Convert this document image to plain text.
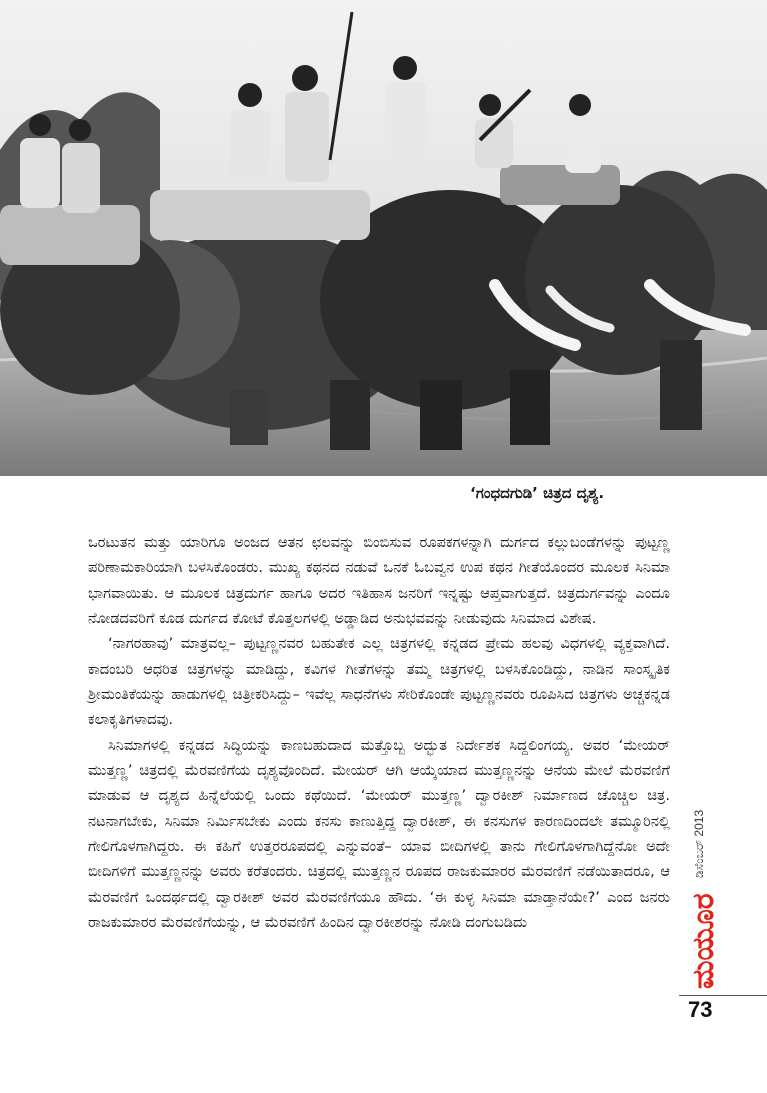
‘ಗಂಧದಗುಡಿ’ ಚಿತ್ರದ ದೃಶ್ಯ.

ಒರಟುತನ ಮತ್ತು ಯಾರಿಗೂ ಅಂಜದ ಆತನ ಛಲವನ್ನು ಬಿಂಬಿಸುವ ರೂಪಕಗಳನ್ನಾಗಿ ದುರ್ಗದ ಕಲ್ಲುಬಂಡೆಗಳನ್ನು ಪುಟ್ಟಣ್ಣ ಪರಿಣಾಮಕಾರಿಯಾಗಿ ಬಳಸಿಕೊಂಡರು. ಮುಖ್ಯ ಕಥನದ ನಡುವೆ ಒನಕೆ ಓಬವ್ವನ ಉಪ ಕಥನ ಗೀತೆಯೊಂದರ ಮೂಲಕ ಸಿನಿಮಾ ಭಾಗವಾಯಿತು. ಆ ಮೂಲಕ ಚಿತ್ರದುರ್ಗ ಹಾಗೂ ಅದರ ಇತಿಹಾಸ ಜನರಿಗೆ ಇನ್ನಷ್ಟು ಆಪ್ತವಾಗುತ್ತದೆ. ಚಿತ್ರದುರ್ಗವನ್ನು ಎಂದೂ ನೋಡದವರಿಗೆ ಕೂಡ ದುರ್ಗದ ಕೋಟೆ ಕೊತ್ತಲಗಳಲ್ಲಿ ಅಡ್ಡಾಡಿದ ಅನುಭವವನ್ನು ನೀಡುವುದು ಸಿನಿಮಾದ ವಿಶೇಷ.

‘ನಾಗರಹಾವು’ ಮಾತ್ರವಲ್ಲ– ಪುಟ್ಟಣ್ಣನವರ ಬಹುತೇಕ ಎಲ್ಲ ಚಿತ್ರಗಳಲ್ಲಿ ಕನ್ನಡದ ಪ್ರೇಮ ಹಲವು ವಿಧಗಳಲ್ಲಿ ವ್ಯಕ್ತವಾಗಿದೆ. ಕಾದಂಬರಿ ಆಧರಿತ ಚಿತ್ರಗಳನ್ನು ಮಾಡಿದ್ದು, ಕವಿಗಳ ಗೀತೆಗಳನ್ನು ತಮ್ಮ ಚಿತ್ರಗಳಲ್ಲಿ ಬಳಸಿಕೊಂಡಿದ್ದು, ನಾಡಿನ ಸಾಂಸ್ಕೃತಿಕ ಶ್ರೀಮಂತಿಕೆಯನ್ನು ಹಾಡುಗಳಲ್ಲಿ ಚಿತ್ರೀಕರಿಸಿದ್ದು– ಇವೆಲ್ಲ ಸಾಧನೆಗಳು ಸೇರಿಕೊಂಡೇ ಪುಟ್ಟಣ್ಣನವರು ರೂಪಿಸಿದ ಚಿತ್ರಗಳು ಅಚ್ಚಕನ್ನಡ ಕಲಾಕೃತಿಗಳಾದವು.

ಸಿನಿಮಾಗಳಲ್ಲಿ ಕನ್ನಡದ ಸಿದ್ಧಿಯನ್ನು ಕಾಣಬಹುದಾದ ಮತ್ತೊಬ್ಬ ಅದ್ಭುತ ನಿರ್ದೇಶಕ ಸಿದ್ದಲಿಂಗಯ್ಯ. ಅವರ ‘ಮೇಯರ್ ಮುತ್ತಣ್ಣ’ ಚಿತ್ರದಲ್ಲಿ ಮೆರವಣಿಗೆಯ ದೃಶ್ಯವೊಂದಿದೆ. ಮೇಯರ್ ಆಗಿ ಆಯ್ಕೆಯಾದ ಮುತ್ತಣ್ಣನನ್ನು ಆನೆಯ ಮೇಲೆ ಮೆರವಣಿಗೆ ಮಾಡುವ ಆ ದೃಶ್ಯದ ಹಿನ್ನೆಲೆಯಲ್ಲಿ ಒಂದು ಕಥೆಯಿದೆ. ‘ಮೇಯರ್ ಮುತ್ತಣ್ಣ’ ದ್ವಾರಕೀಶ್ ನಿರ್ಮಾಣದ ಚೊಚ್ಚಿಲ ಚಿತ್ರ. ನಟನಾಗಬೇಕು, ಸಿನಿಮಾ ನಿರ್ಮಿಸಬೇಕು ಎಂದು ಕನಸು ಕಾಣುತ್ತಿದ್ದ ದ್ವಾರಕೀಶ್, ಈ ಕನಸುಗಳ ಕಾರಣದಿಂದಲೇ ತಮ್ಮೂರಿನಲ್ಲಿ ಗೇಲಿಗೊಳಗಾಗಿದ್ದರು. ಈ ಕಹಿಗೆ ಉತ್ತರರೂಪದಲ್ಲಿ ಎನ್ನುವಂತೆ– ಯಾವ ಬೀದಿಗಳಲ್ಲಿ ತಾನು ಗೇಲಿಗೊಳಗಾಗಿದ್ದೆನೋ ಅದೇ ಬೀದಿಗಳಿಗೆ ಮುತ್ತಣ್ಣನನ್ನು ಅವರು ಕರೆತಂದರು. ಚಿತ್ರದಲ್ಲಿ ಮುತ್ತಣ್ಣನ ರೂಪದ ರಾಜಕುಮಾರರ ಮೆರವಣಿಗೆ ನಡೆಯಿತಾದರೂ, ಆ ಮೆರವಣಿಗೆ ಒಂದರ್ಥದಲ್ಲಿ ದ್ವಾರಕೀಶ್ ಅವರ ಮೆರವಣಿಗೆಯೂ ಹೌದು. ‘ಈ ಕುಳ್ಳ ಸಿನಿಮಾ ಮಾಡ್ತಾನೆಯೇ?’ ಎಂದ ಜನರು ರಾಜಕುಮಾರರ ಮೆರವಣಿಗೆಯನ್ನು, ಆ ಮೆರವಣಿಗೆ ಹಿಂದಿನ ದ್ವಾರಕೀಶರನ್ನು ನೋಡಿ ದಂಗುಬಡಿದು

ಡಿಸೆಂಬರ್ 2013
ಮಯೂರ
73
